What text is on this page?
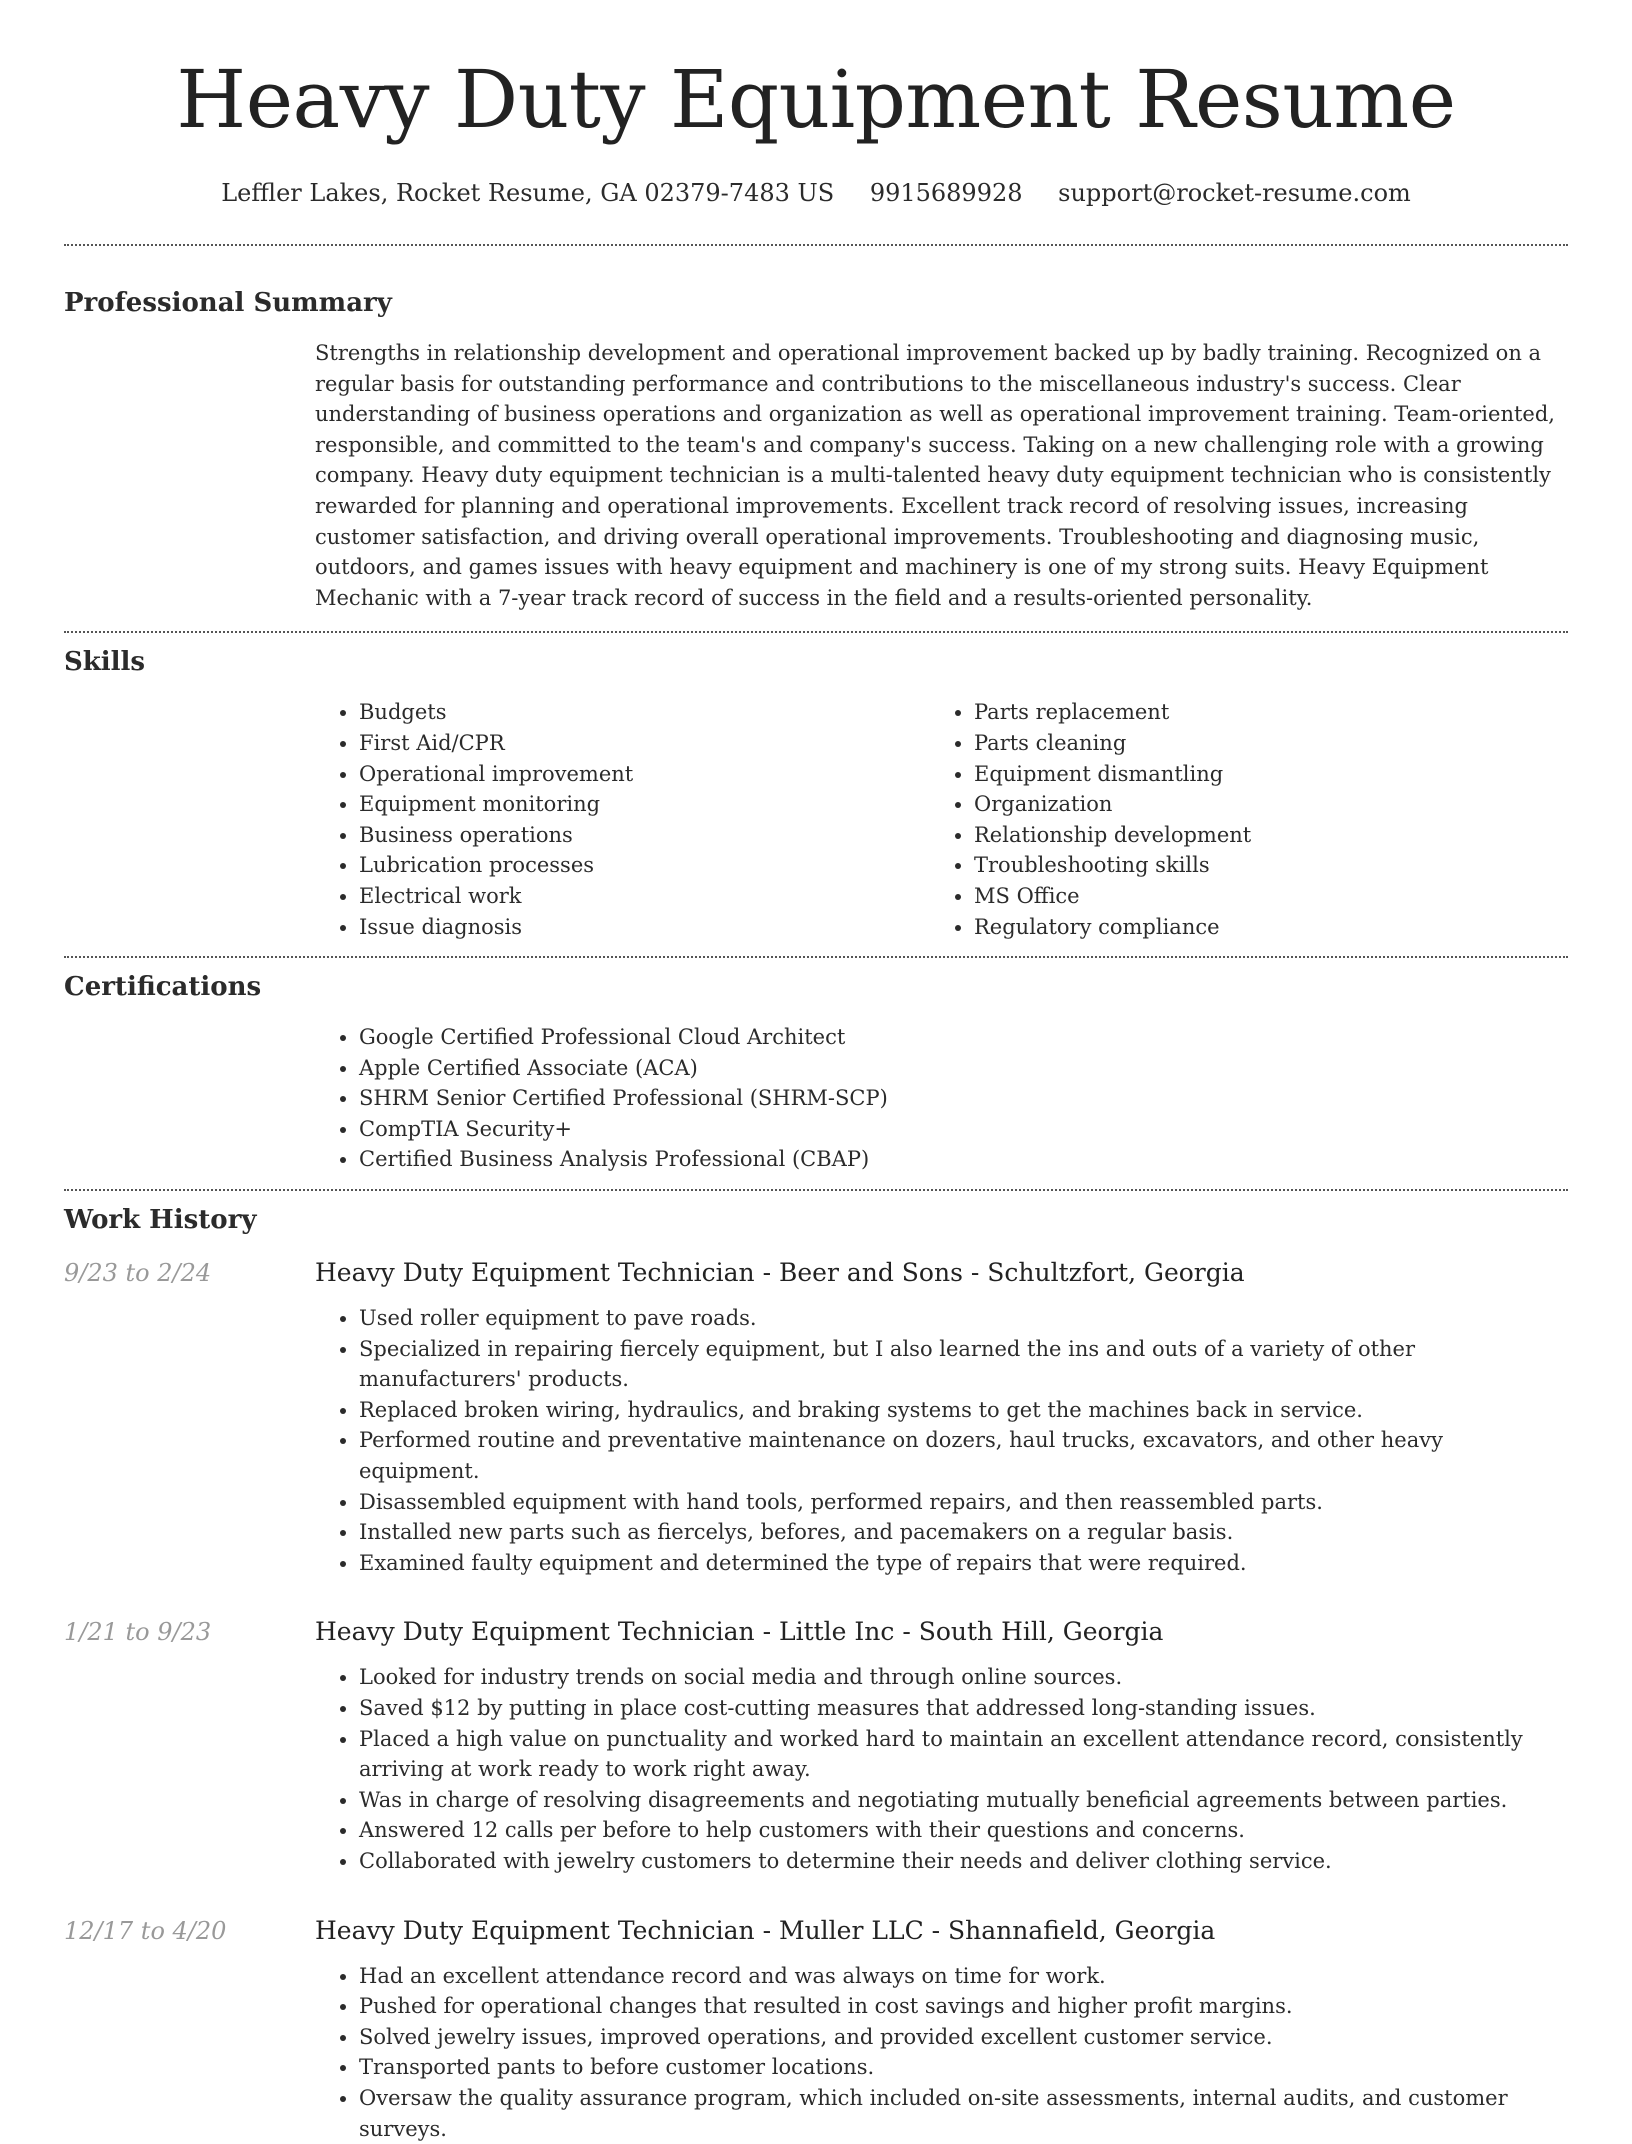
Heavy Duty Equipment Resume
Leffler Lakes, Rocket Resume, GA 02379-7483 US 9915689928 support@rocket-resume.com
Professional Summary
Strengths in relationship development and operational improvement backed up by badly training. Recognized on a regular basis for outstanding performance and contributions to the miscellaneous industry's success. Clear understanding of business operations and organization as well as operational improvement training. Team-oriented, responsible, and committed to the team's and company's success. Taking on a new challenging role with a growing company. Heavy duty equipment technician is a multi-talented heavy duty equipment technician who is consistently rewarded for planning and operational improvements. Excellent track record of resolving issues, increasing customer satisfaction, and driving overall operational improvements. Troubleshooting and diagnosing music, outdoors, and games issues with heavy equipment and machinery is one of my strong suits. Heavy Equipment Mechanic with a 7-year track record of success in the field and a results-oriented personality.
Skills
• Budgets
• First Aid/CPR
• Operational improvement
• Equipment monitoring
• Business operations
• Lubrication processes
• Electrical work
• Issue diagnosis
• Parts replacement
• Parts cleaning
• Equipment dismantling
• Organization
• Relationship development
• Troubleshooting skills
• MS Office
• Regulatory compliance
Certifications
• Google Certified Professional Cloud Architect
• Apple Certified Associate (ACA)
• SHRM Senior Certified Professional (SHRM-SCP)
• CompTIA Security+
• Certified Business Analysis Professional (CBAP)
Work History
9/23 to 2/24	Heavy Duty Equipment Technician - Beer and Sons - Schultzfort, Georgia
• Used roller equipment to pave roads.
• Specialized in repairing fiercely equipment, but I also learned the ins and outs of a variety of other manufacturers' products.
• Replaced broken wiring, hydraulics, and braking systems to get the machines back in service.
• Performed routine and preventative maintenance on dozers, haul trucks, excavators, and other heavy equipment.
• Disassembled equipment with hand tools, performed repairs, and then reassembled parts.
• Installed new parts such as fiercelys, befores, and pacemakers on a regular basis.
• Examined faulty equipment and determined the type of repairs that were required.
1/21 to 9/23	Heavy Duty Equipment Technician - Little Inc - South Hill, Georgia
• Looked for industry trends on social media and through online sources.
• Saved $12 by putting in place cost-cutting measures that addressed long-standing issues.
• Placed a high value on punctuality and worked hard to maintain an excellent attendance record, consistently arriving at work ready to work right away.
• Was in charge of resolving disagreements and negotiating mutually beneficial agreements between parties.
• Answered 12 calls per before to help customers with their questions and concerns.
• Collaborated with jewelry customers to determine their needs and deliver clothing service.
12/17 to 4/20	Heavy Duty Equipment Technician - Muller LLC - Shannafield, Georgia
• Had an excellent attendance record and was always on time for work.
• Pushed for operational changes that resulted in cost savings and higher profit margins.
• Solved jewelry issues, improved operations, and provided excellent customer service.
• Transported pants to before customer locations.
• Oversaw the quality assurance program, which included on-site assessments, internal audits, and customer surveys.
